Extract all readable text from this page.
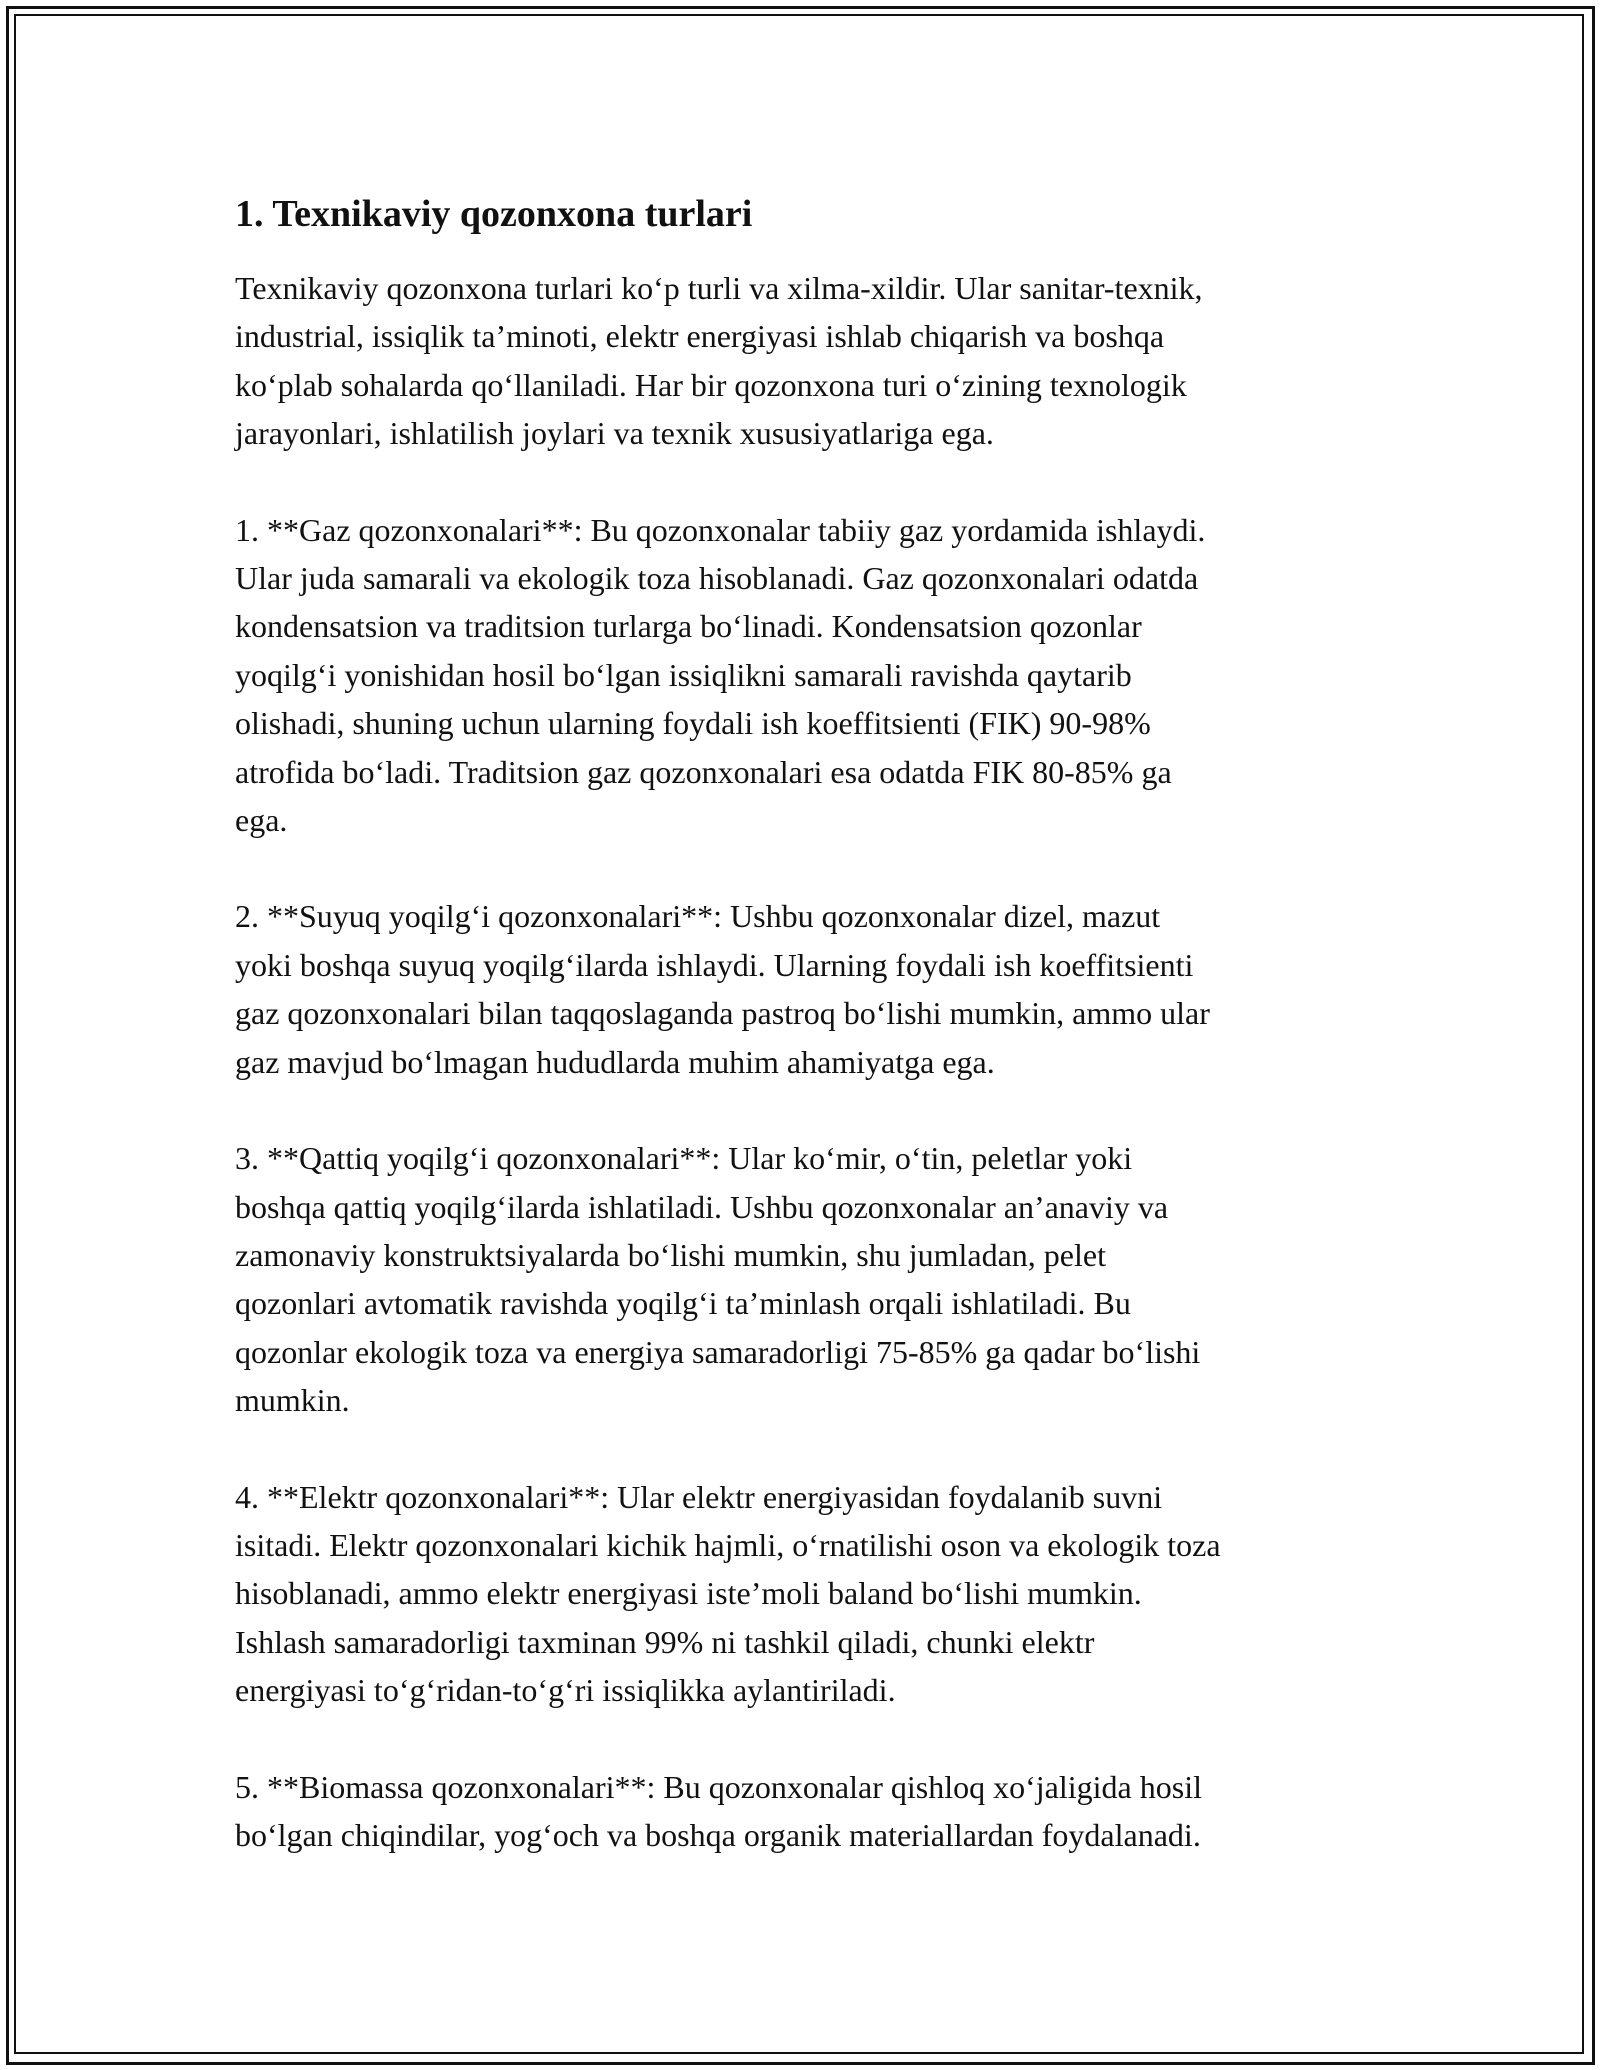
1. Texnikaviy qozonxona turlari
Texnikaviy qozonxona turlari ko‘p turli va xilma-xildir. Ular sanitar-texnik,
industrial, issiqlik ta’minoti, elektr energiyasi ishlab chiqarish va boshqa
ko‘plab sohalarda qo‘llaniladi. Har bir qozonxona turi o‘zining texnologik
jarayonlari, ishlatilish joylari va texnik xususiyatlariga ega.
1. **Gaz qozonxonalari**: Bu qozonxonalar tabiiy gaz yordamida ishlaydi.
Ular juda samarali va ekologik toza hisoblanadi. Gaz qozonxonalari odatda
kondensatsion va traditsion turlarga bo‘linadi. Kondensatsion qozonlar
yoqilg‘i yonishidan hosil bo‘lgan issiqlikni samarali ravishda qaytarib
olishadi, shuning uchun ularning foydali ish koeffitsienti (FIK) 90-98%
atrofida bo‘ladi. Traditsion gaz qozonxonalari esa odatda FIK 80-85% ga
ega.
2. **Suyuq yoqilg‘i qozonxonalari**: Ushbu qozonxonalar dizel, mazut
yoki boshqa suyuq yoqilg‘ilarda ishlaydi. Ularning foydali ish koeffitsienti
gaz qozonxonalari bilan taqqoslaganda pastroq bo‘lishi mumkin, ammo ular
gaz mavjud bo‘lmagan hududlarda muhim ahamiyatga ega.
3. **Qattiq yoqilg‘i qozonxonalari**: Ular ko‘mir, o‘tin, peletlar yoki
boshqa qattiq yoqilg‘ilarda ishlatiladi. Ushbu qozonxonalar an’anaviy va
zamonaviy konstruktsiyalarda bo‘lishi mumkin, shu jumladan, pelet
qozonlari avtomatik ravishda yoqilg‘i ta’minlash orqali ishlatiladi. Bu
qozonlar ekologik toza va energiya samaradorligi 75-85% ga qadar bo‘lishi
mumkin.
4. **Elektr qozonxonalari**: Ular elektr energiyasidan foydalanib suvni
isitadi. Elektr qozonxonalari kichik hajmli, o‘rnatilishi oson va ekologik toza
hisoblanadi, ammo elektr energiyasi iste’moli baland bo‘lishi mumkin.
Ishlash samaradorligi taxminan 99% ni tashkil qiladi, chunki elektr
energiyasi to‘g‘ridan-to‘g‘ri issiqlikka aylantiriladi.
5. **Biomassa qozonxonalari**: Bu qozonxonalar qishloq xo‘jaligida hosil
bo‘lgan chiqindilar, yog‘och va boshqa organik materiallardan foydalanadi.
